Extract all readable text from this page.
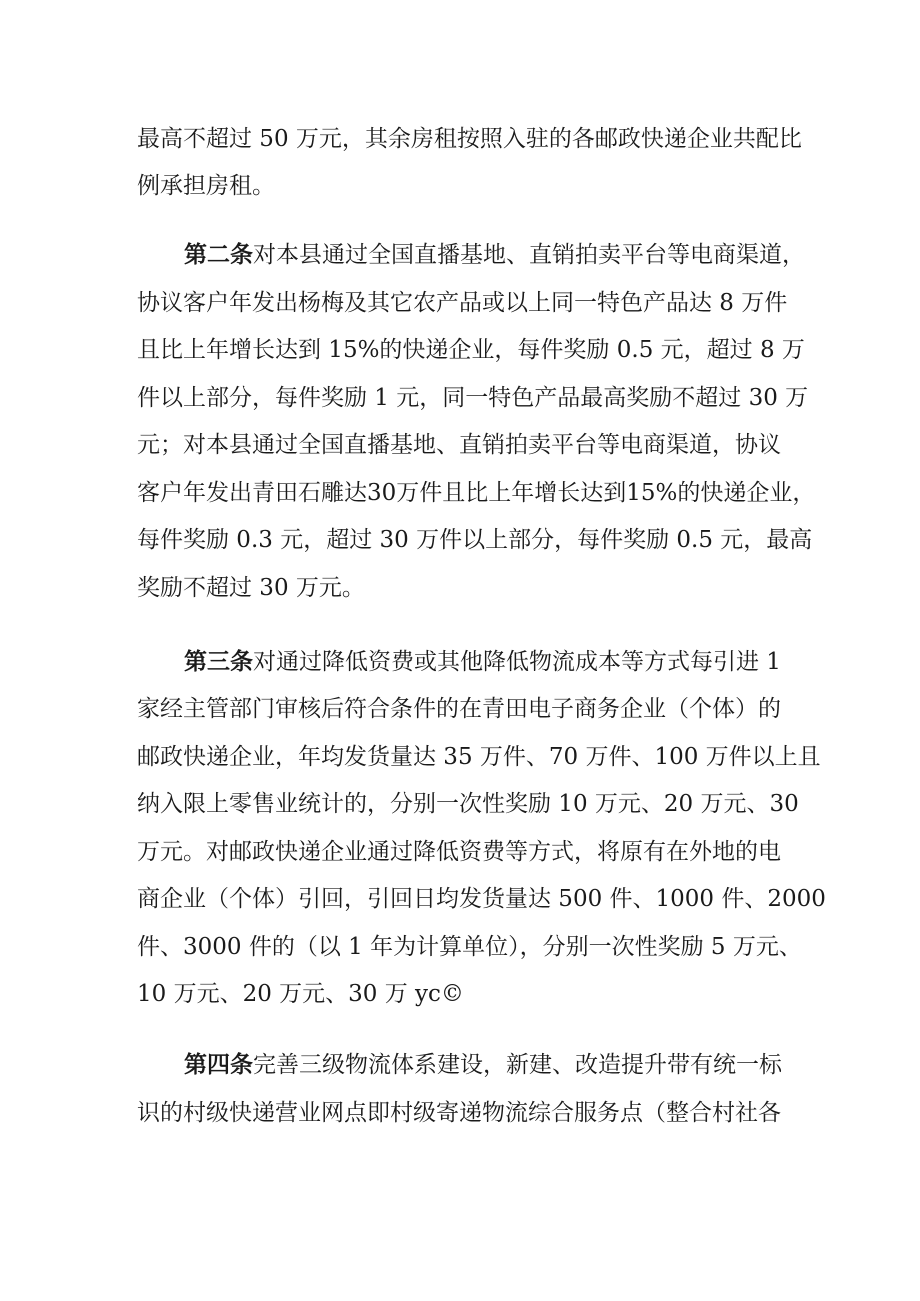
最高不超过 50 万元，其余房租按照入驻的各邮政快递企业共配比
例承担房租。
第二条对本县通过全国直播基地、直销拍卖平台等电商渠道，
协议客户年发出杨梅及其它农产品或以上同一特色产品达 8 万件
且比上年增长达到 15%的快递企业，每件奖励 0.5 元，超过 8 万
件以上部分，每件奖励 1 元，同一特色产品最高奖励不超过 30 万
元；对本县通过全国直播基地、直销拍卖平台等电商渠道，协议
客户年发出青田石雕达30万件且比上年增长达到15%的快递企业，
每件奖励 0.3 元，超过 30 万件以上部分，每件奖励 0.5 元，最高
奖励不超过 30 万元。
第三条对通过降低资费或其他降低物流成本等方式每引进 1
家经主管部门审核后符合条件的在青田电子商务企业（个体）的
邮政快递企业，年均发货量达 35 万件、70 万件、100 万件以上且
纳入限上零售业统计的，分别一次性奖励 10 万元、20 万元、30
万元。对邮政快递企业通过降低资费等方式，将原有在外地的电
商企业（个体）引回，引回日均发货量达 500 件、1000 件、2000
件、3000 件的（以 1 年为计算单位），分别一次性奖励 5 万元、
10 万元、20 万元、30 万 yc©
第四条完善三级物流体系建设，新建、改造提升带有统一标
识的村级快递营业网点即村级寄递物流综合服务点（整合村社各
